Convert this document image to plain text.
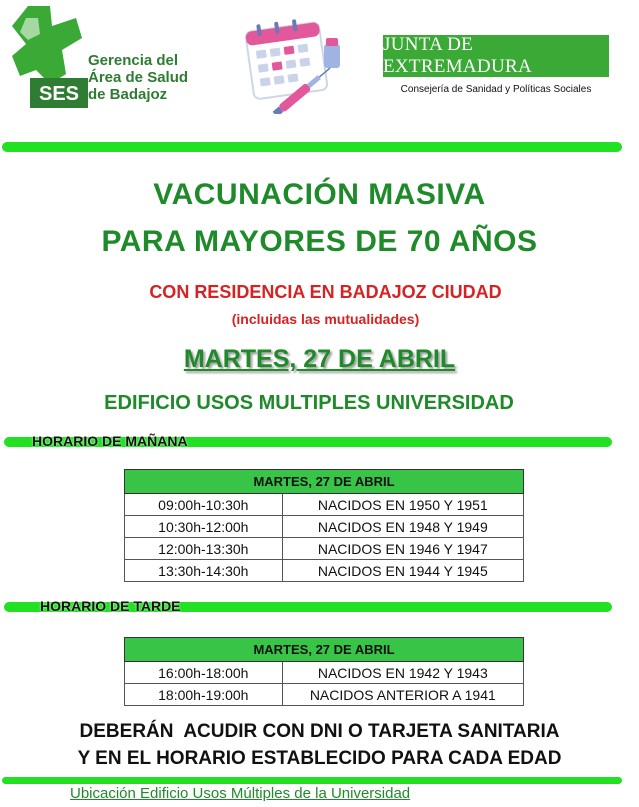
SES
Gerencia del
Área de Salud
de Badajoz
JUNTA DE EXTREMADURA
Consejería de Sanidad y Políticas Sociales
VACUNACIÓN MASIVA
PARA MAYORES DE 70 AÑOS
CON RESIDENCIA EN BADAJOZ CIUDAD
(incluidas las mutualidades)
MARTES, 27 DE ABRIL
EDIFICIO USOS MULTIPLES UNIVERSIDAD
HORARIO DE MAÑANA
MARTES, 27 DE ABRIL	
09:00h-10:30h	NACIDOS EN 1950 Y 1951
10:30h-12:00h	NACIDOS EN 1948 Y 1949
12:00h-13:30h	NACIDOS EN 1946 Y 1947
13:30h-14:30h	NACIDOS EN 1944 Y 1945
HORARIO DE TARDE
MARTES, 27 DE ABRIL	
16:00h-18:00h	NACIDOS EN 1942 Y 1943
18:00h-19:00h	NACIDOS ANTERIOR A 1941
DEBERÁN  ACUDIR CON DNI O TARJETA SANITARIA
Y EN EL HORARIO ESTABLECIDO PARA CADA EDAD
Ubicación Edificio Usos Múltiples de la Universidad
